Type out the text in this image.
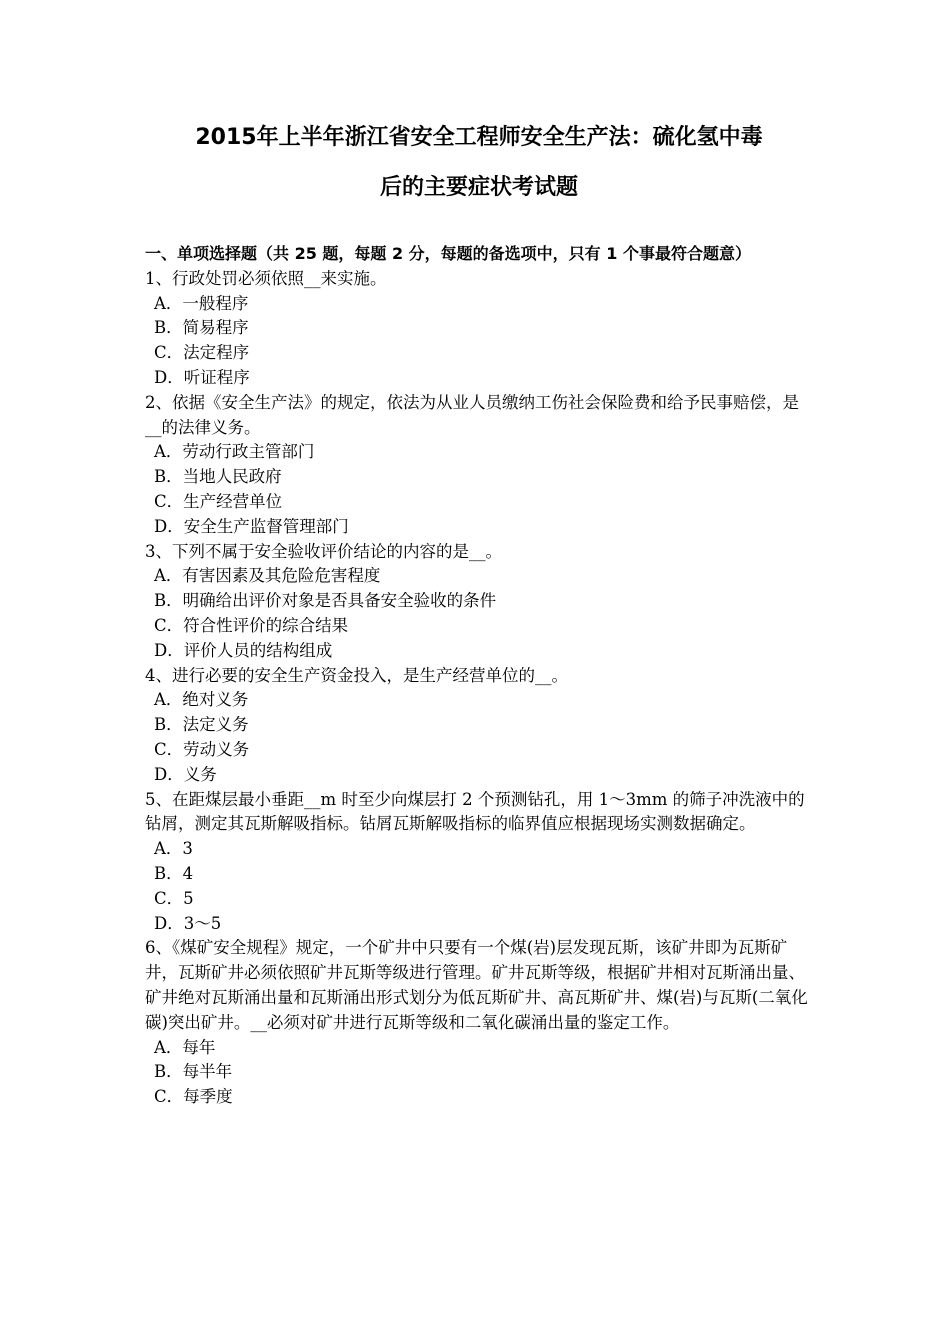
2015年上半年浙江省安全工程师安全生产法：硫化氢中毒
后的主要症状考试题
一、单项选择题（共 25 题，每题 2 分，每题的备选项中，只有 1 个事最符合题意）

1、行政处罚必须依照__来实施。

A．一般程序
B．简易程序
C．法定程序
D．听证程序

2、依据《安全生产法》的规定，依法为从业人员缴纳工伤社会保险费和给予民事赔偿，是__的法律义务。

A．劳动行政主管部门
B．当地人民政府
C．生产经营单位
D．安全生产监督管理部门

3、下列不属于安全验收评价结论的内容的是__。

A．有害因素及其危险危害程度
B．明确给出评价对象是否具备安全验收的条件
C．符合性评价的综合结果
D．评价人员的结构组成

4、进行必要的安全生产资金投入，是生产经营单位的__。

A．绝对义务
B．法定义务
C．劳动义务
D．义务

5、在距煤层最小垂距__m 时至少向煤层打 2 个预测钻孔，用 1～3mm 的筛子冲洗液中的钻屑，测定其瓦斯解吸指标。钻屑瓦斯解吸指标的临界值应根据现场实测数据确定。

A．3
B．4
C．5
D．3～5

6、《煤矿安全规程》规定，一个矿井中只要有一个煤(岩)层发现瓦斯，该矿井即为瓦斯矿井，瓦斯矿井必须依照矿井瓦斯等级进行管理。矿井瓦斯等级，根据矿井相对瓦斯涌出量、矿井绝对瓦斯涌出量和瓦斯涌出形式划分为低瓦斯矿井、高瓦斯矿井、煤(岩)与瓦斯(二氧化碳)突出矿井。__必须对矿井进行瓦斯等级和二氧化碳涌出量的鉴定工作。

A．每年
B．每半年
C．每季度
